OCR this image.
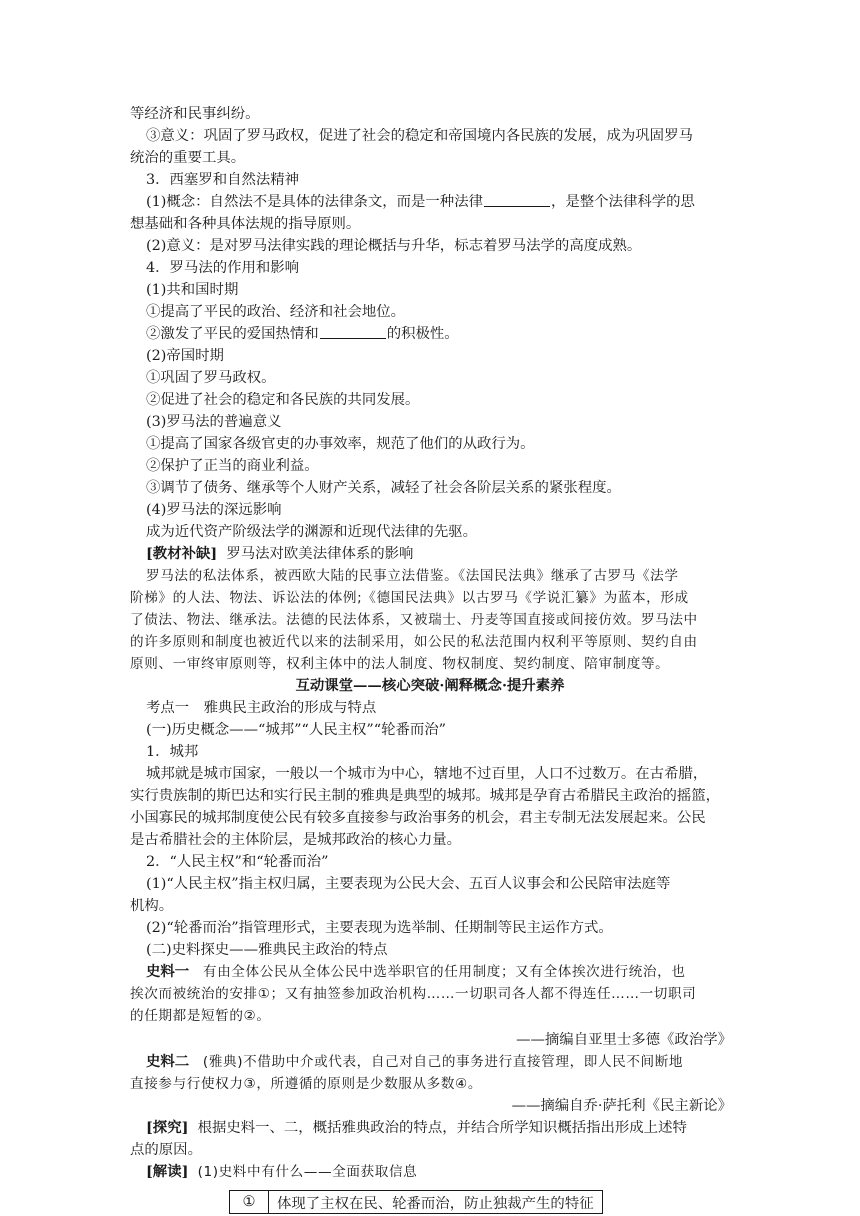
等经济和民事纠纷。
③意义：巩固了罗马政权，促进了社会的稳定和帝国境内各民族的发展，成为巩固罗马
统治的重要工具。
3．西塞罗和自然法精神
(1)概念：自然法不是具体的法律条文，而是一种法律	，是整个法律科学的思
想基础和各种具体法规的指导原则。
(2)意义：是对罗马法律实践的理论概括与升华，标志着罗马法学的高度成熟。
4．罗马法的作用和影响
(1)共和国时期
①提高了平民的政治、经济和社会地位。
②激发了平民的爱国热情和	的积极性。
(2)帝国时期
①巩固了罗马政权。
②促进了社会的稳定和各民族的共同发展。
(3)罗马法的普遍意义
①提高了国家各级官吏的办事效率，规范了他们的从政行为。
②保护了正当的商业利益。
③调节了债务、继承等个人财产关系，减轻了社会各阶层关系的紧张程度。
(4)罗马法的深远影响
成为近代资产阶级法学的渊源和近现代法律的先驱。
[教材补缺] 罗马法对欧美法律体系的影响
罗马法的私法体系，被西欧大陆的民事立法借鉴。《法国民法典》继承了古罗马《法学
阶梯》的人法、物法、诉讼法的体例;《德国民法典》以古罗马《学说汇纂》为蓝本，形成
了债法、物法、继承法。法德的民法体系，又被瑞士、丹麦等国直接或间接仿效。罗马法中
的许多原则和制度也被近代以来的法制采用，如公民的私法范围内权利平等原则、契约自由
原则、一审终审原则等，权利主体中的法人制度、物权制度、契约制度、陪审制度等。
互动课堂——核心突破·阐释概念·提升素养
考点一　雅典民主政治的形成与特点
(一)历史概念——“城邦”“人民主权”“轮番而治”
1．城邦
城邦就是城市国家，一般以一个城市为中心，辖地不过百里，人口不过数万。在古希腊，
实行贵族制的斯巴达和实行民主制的雅典是典型的城邦。城邦是孕育古希腊民主政治的摇篮，
小国寡民的城邦制度使公民有较多直接参与政治事务的机会，君主专制无法发展起来。公民
是古希腊社会的主体阶层，是城邦政治的核心力量。
2．“人民主权”和“轮番而治”
(1)“人民主权”指主权归属，主要表现为公民大会、五百人议事会和公民陪审法庭等
机构。
(2)“轮番而治”指管理形式，主要表现为选举制、任期制等民主运作方式。
(二)史料探史——雅典民主政治的特点
史料一 有由全体公民从全体公民中选举职官的任用制度；又有全体挨次进行统治，也
挨次而被统治的安排①；又有抽签参加政治机构……一切职司各人都不得连任……一切职司
的任期都是短暂的②。
——摘编自亚里士多德《政治学》
史料二 (雅典)不借助中介或代表，自己对自己的事务进行直接管理，即人民不间断地
直接参与行使权力③，所遵循的原则是少数服从多数④。
——摘编自乔·萨托利《民主新论》
[探究] 根据史料一、二，概括雅典政治的特点，并结合所学知识概括指出形成上述特
点的原因。
[解读] (1)史料中有什么——全面获取信息
①	体现了主权在民、轮番而治，防止独裁产生的特征
